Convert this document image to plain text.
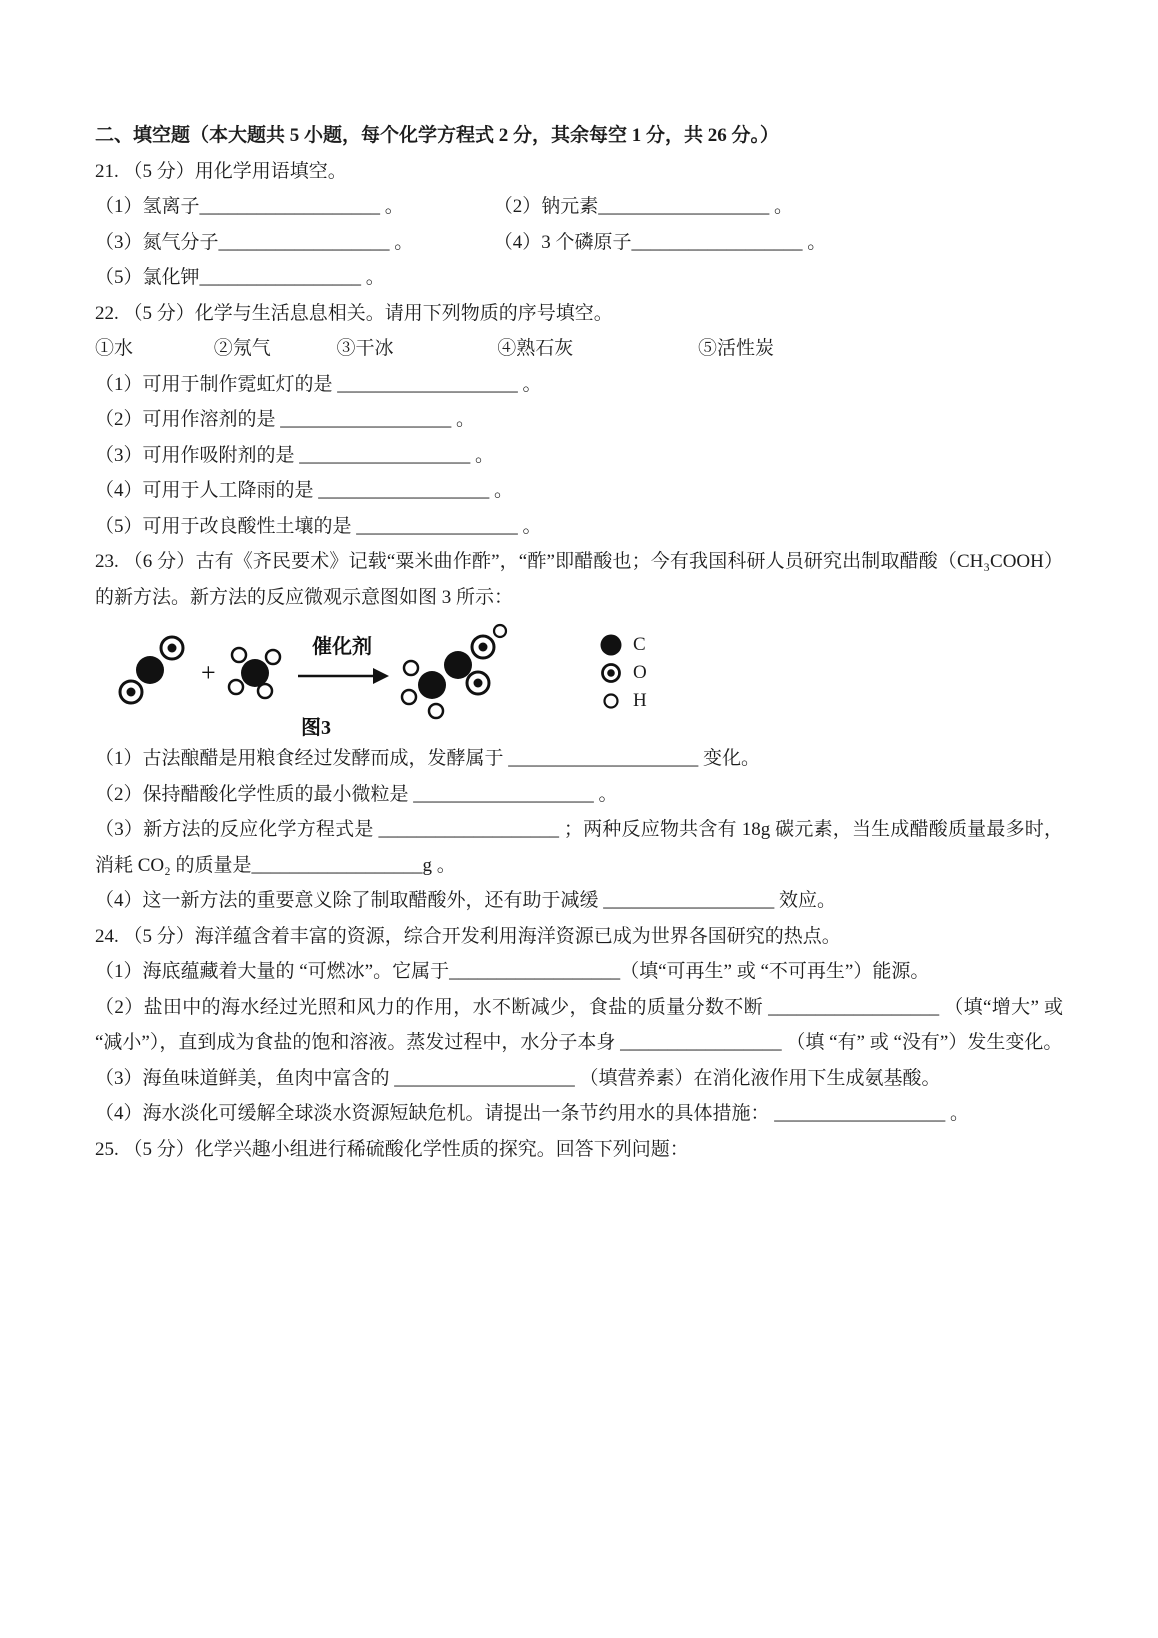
二、填空题（本大题共 5 小题，每个化学方程式 2 分，其余每空 1 分，共 26 分。）
21. （5 分）用化学用语填空。
（1）氢离子___________________ 。	（2）钠元素__________________ 。
（3）氮气分子__________________ 。	（4）3 个磷原子__________________ 。
（5）氯化钾_________________ 。
22. （5 分）化学与生活息息相关。请用下列物质的序号填空。
①水	②氖气	③干冰	④熟石灰	⑤活性炭
（1）可用于制作霓虹灯的是 ___________________ 。
（2）可用作溶剂的是 __________________ 。
（3）可用作吸附剂的是 __________________ 。
（4）可用于人工降雨的是 __________________ 。
（5）可用于改良酸性土壤的是 _________________ 。
23. （6 分）古有《齐民要术》记载“粟米曲作酢”，“酢”即醋酸也；今有我国科研人员研究出制取醋酸（CH₃COOH）的新方法。新方法的反应微观示意图如图 3 所示：
+
催化剂
图3
C
O
H
（1）古法酿醋是用粮食经过发酵而成，发酵属于 ____________________ 变化。
（2）保持醋酸化学性质的最小微粒是 ___________________ 。
（3）新方法的反应化学方程式是 ___________________ ；两种反应物共含有 18g 碳元素，当生成醋酸质量最多时，消耗 CO₂ 的质量是__________________g 。
（4）这一新方法的重要意义除了制取醋酸外，还有助于减缓 __________________ 效应。
24. （5 分）海洋蕴含着丰富的资源，综合开发利用海洋资源已成为世界各国研究的热点。
（1）海底蕴藏着大量的 “可燃冰”。它属于__________________（填“可再生” 或 “不可再生”）能源。
（2）盐田中的海水经过光照和风力的作用，水不断减少，食盐的质量分数不断 __________________ （填“增大” 或 “减小”），直到成为食盐的饱和溶液。蒸发过程中，水分子本身 _________________ （填 “有” 或 “没有”）发生变化。
（3）海鱼味道鲜美，鱼肉中富含的 ___________________ （填营养素）在消化液作用下生成氨基酸。
（4）海水淡化可缓解全球淡水资源短缺危机。请提出一条节约用水的具体措施： __________________ 。
25. （5 分）化学兴趣小组进行稀硫酸化学性质的探究。回答下列问题：
